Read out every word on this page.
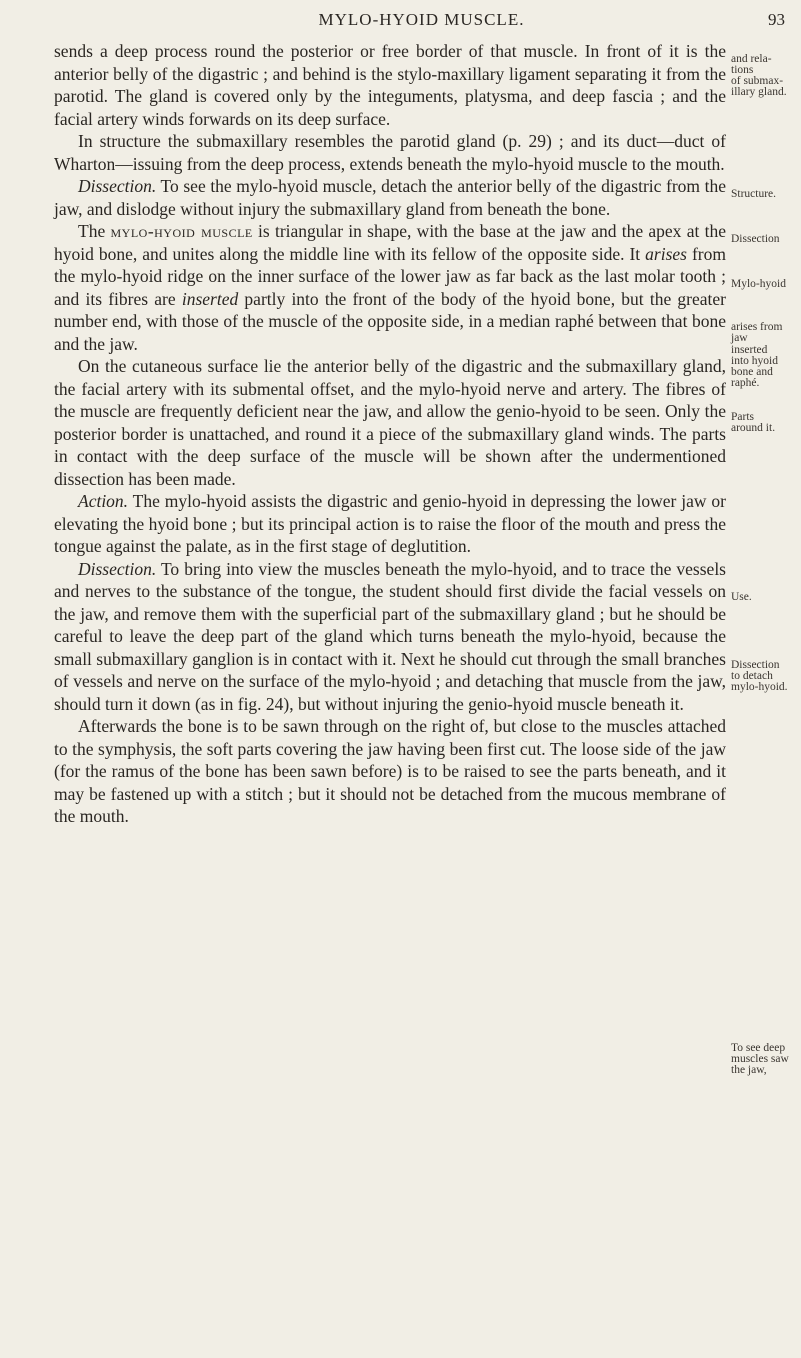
MYLO-HYOID MUSCLE.	93

sends a deep process round the posterior or free border of that muscle. In front of it is the anterior belly of the digastric ; and behind is the stylo-maxillary ligament separating it from the parotid. The gland is covered only by the integuments, platysma, and deep fascia ; and the facial artery winds forwards on its deep surface.

In structure the submaxillary resembles the parotid gland (p. 29) ; and its duct—duct of Wharton—issuing from the deep process, extends beneath the mylo-hyoid muscle to the mouth.

Dissection. To see the mylo-hyoid muscle, detach the anterior belly of the digastric from the jaw, and dislodge without injury the submaxillary gland from beneath the bone.

The mylo-hyoid muscle is triangular in shape, with the base at the jaw and the apex at the hyoid bone, and unites along the middle line with its fellow of the opposite side. It arises from the mylo-hyoid ridge on the inner surface of the lower jaw as far back as the last molar tooth ; and its fibres are inserted partly into the front of the body of the hyoid bone, but the greater number end, with those of the muscle of the opposite side, in a median raphé between that bone and the jaw.

On the cutaneous surface lie the anterior belly of the digastric and the submaxillary gland, the facial artery with its submental offset, and the mylo-hyoid nerve and artery. The fibres of the muscle are frequently deficient near the jaw, and allow the genio-hyoid to be seen. Only the posterior border is unattached, and round it a piece of the submaxillary gland winds. The parts in contact with the deep surface of the muscle will be shown after the undermentioned dissection has been made.

Action. The mylo-hyoid assists the digastric and genio-hyoid in depressing the lower jaw or elevating the hyoid bone ; but its principal action is to raise the floor of the mouth and press the tongue against the palate, as in the first stage of deglutition.

Dissection. To bring into view the muscles beneath the mylo-hyoid, and to trace the vessels and nerves to the substance of the tongue, the student should first divide the facial vessels on the jaw, and remove them with the superficial part of the submaxillary gland ; but he should be careful to leave the deep part of the gland which turns beneath the mylo-hyoid, because the small submaxillary ganglion is in contact with it. Next he should cut through the small branches of vessels and nerve on the surface of the mylo-hyoid ; and detaching that muscle from the jaw, should turn it down (as in fig. 24), but without injuring the genio-hyoid muscle beneath it.

Afterwards the bone is to be sawn through on the right of, but close to the muscles attached to the symphysis, the soft parts covering the jaw having been first cut. The loose side of the jaw (for the ramus of the bone has been sawn before) is to be raised to see the parts beneath, and it may be fastened up with a stitch ; but it should not be detached from the mucous membrane of the mouth.

and rela-
tions
of submax-
illary gland.
Structure.
Dissection
Mylo-hyoid
arises from
jaw
inserted
into hyoid
bone and
raphé.
Parts
around it.
Use.
Dissection
to detach
mylo-hyoid.
To see deep
muscles saw
the jaw,
